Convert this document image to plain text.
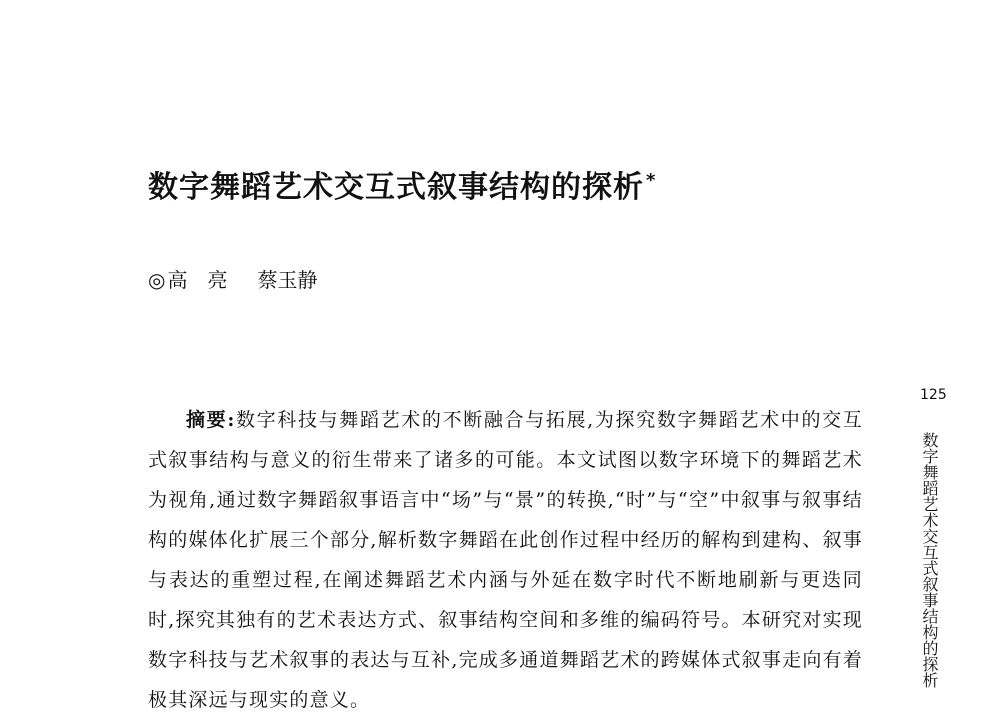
数字舞蹈艺术交互式叙事结构的探析 *
◎ 高　亮 蔡玉静

摘要:数字科技与舞蹈艺术的不断融合与拓展,为探究数字舞蹈艺术中的交互式叙事结构与意义的衍生带来了诸多的可能。本文试图以数字环境下的舞蹈艺术为视角,通过数字舞蹈叙事语言中“场”与“景”的转换,“时”与“空”中叙事与叙事结构的媒体化扩展三个部分,解析数字舞蹈在此创作过程中经历的解构到建构、叙事与表达的重塑过程,在阐述舞蹈艺术内涵与外延在数字时代不断地刷新与更迭同时,探究其独有的艺术表达方式、叙事结构空间和多维的编码符号。本研究对实现数字科技与艺术叙事的表达与互补,完成多通道舞蹈艺术的跨媒体式叙事走向有着极其深远与现实的意义。

125
数字舞蹈艺术交互式叙事结构的探析
